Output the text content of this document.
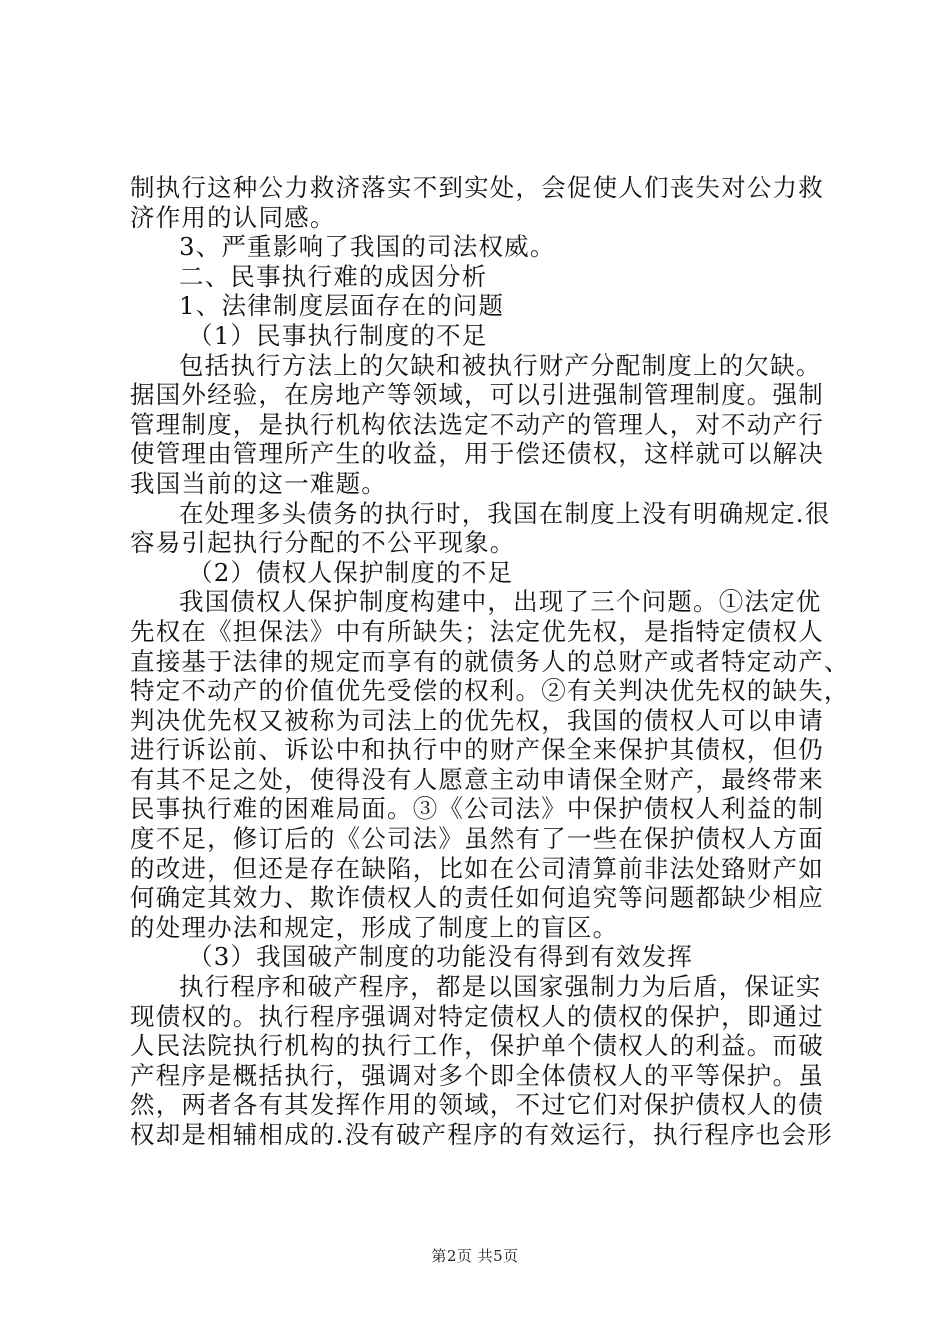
制执行这种公力救济落实不到实处，会促使人们丧失对公力救
济作用的认同感。
3、严重影响了我国的司法权威。
二、民事执行难的成因分析
1、法律制度层面存在的问题
（1）民事执行制度的不足
包括执行方法上的欠缺和被执行财产分配制度上的欠缺。
据国外经验，在房地产等领域，可以引进强制管理制度。强制
管理制度，是执行机构依法选定不动产的管理人，对不动产行
使管理由管理所产生的收益，用于偿还债权，这样就可以解决
我国当前的这一难题。
在处理多头债务的执行时，我国在制度上没有明确规定.很
容易引起执行分配的不公平现象。
（2）债权人保护制度的不足
我国债权人保护制度构建中，出现了三个问题。①法定优
先权在《担保法》中有所缺失；法定优先权，是指特定债权人
直接基于法律的规定而享有的就债务人的总财产或者特定动产、
特定不动产的价值优先受偿的权利。②有关判决优先权的缺失，
判决优先权又被称为司法上的优先权，我国的债权人可以申请
进行诉讼前、诉讼中和执行中的财产保全来保护其债权，但仍
有其不足之处，使得没有人愿意主动申请保全财产，最终带来
民事执行难的困难局面。③《公司法》中保护债权人利益的制
度不足，修订后的《公司法》虽然有了一些在保护债权人方面
的改进，但还是存在缺陷，比如在公司清算前非法处臵财产如
何确定其效力、欺诈债权人的责任如何追究等问题都缺少相应
的处理办法和规定，形成了制度上的盲区。
（3）我国破产制度的功能没有得到有效发挥
执行程序和破产程序，都是以国家强制力为后盾，保证实
现债权的。执行程序强调对特定债权人的债权的保护，即通过
人民法院执行机构的执行工作，保护单个债权人的利益。而破
产程序是概括执行，强调对多个即全体债权人的平等保护。虽
然，两者各有其发挥作用的领域，不过它们对保护债权人的债
权却是相辅相成的.没有破产程序的有效运行，执行程序也会形
第2页 共5页
